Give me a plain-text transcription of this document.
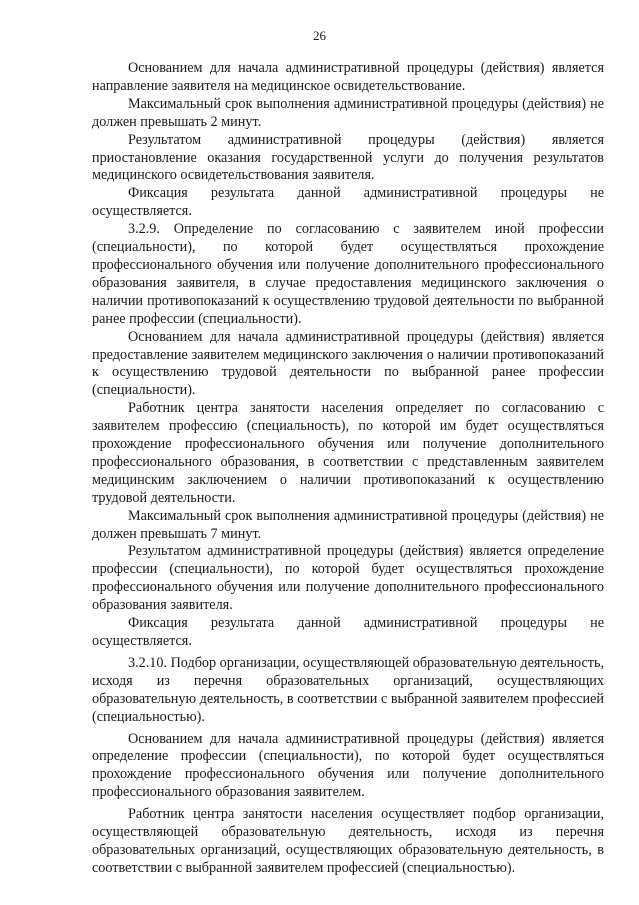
26

Основанием для начала административной процедуры (действия) является направление заявителя на медицинское освидетельствование.

Максимальный срок выполнения административной процедуры (действия) не должен превышать 2 минут.

Результатом административной процедуры (действия) является приостановление оказания государственной услуги до получения результатов медицинского освидетельствования заявителя.

Фиксация результата данной административной процедуры не осуществляется.

3.2.9. Определение по согласованию с заявителем иной профессии (специальности), по которой будет осуществляться прохождение профессионального обучения или получение дополнительного профессионального образования заявителя, в случае предоставления медицинского заключения о наличии противопоказаний к осуществлению трудовой деятельности по выбранной ранее профессии (специальности).

Основанием для начала административной процедуры (действия) является предоставление заявителем медицинского заключения о наличии противопоказаний к осуществлению трудовой деятельности по выбранной ранее профессии (специальности).

Работник центра занятости населения определяет по согласованию с заявителем профессию (специальность), по которой им будет осуществляться прохождение профессионального обучения или получение дополнительного профессионального образования, в соответствии с представленным заявителем медицинским заключением о наличии противопоказаний к осуществлению трудовой деятельности.

Максимальный срок выполнения административной процедуры (действия) не должен превышать 7 минут.

Результатом административной процедуры (действия) является определение профессии (специальности), по которой будет осуществляться прохождение профессионального обучения или получение дополнительного профессионального образования заявителя.

Фиксация результата данной административной процедуры не осуществляется.

3.2.10. Подбор организации, осуществляющей образовательную деятельность, исходя из перечня образовательных организаций, осуществляющих образовательную деятельность, в соответствии с выбранной заявителем профессией (специальностью).

Основанием для начала административной процедуры (действия) является определение профессии (специальности), по которой будет осуществляться прохождение профессионального обучения или получение дополнительного профессионального образования заявителем.

Работник центра занятости населения осуществляет подбор организации, осуществляющей образовательную деятельность, исходя из перечня образовательных организаций, осуществляющих образовательную деятельность, в соответствии с выбранной заявителем профессией (специальностью).
